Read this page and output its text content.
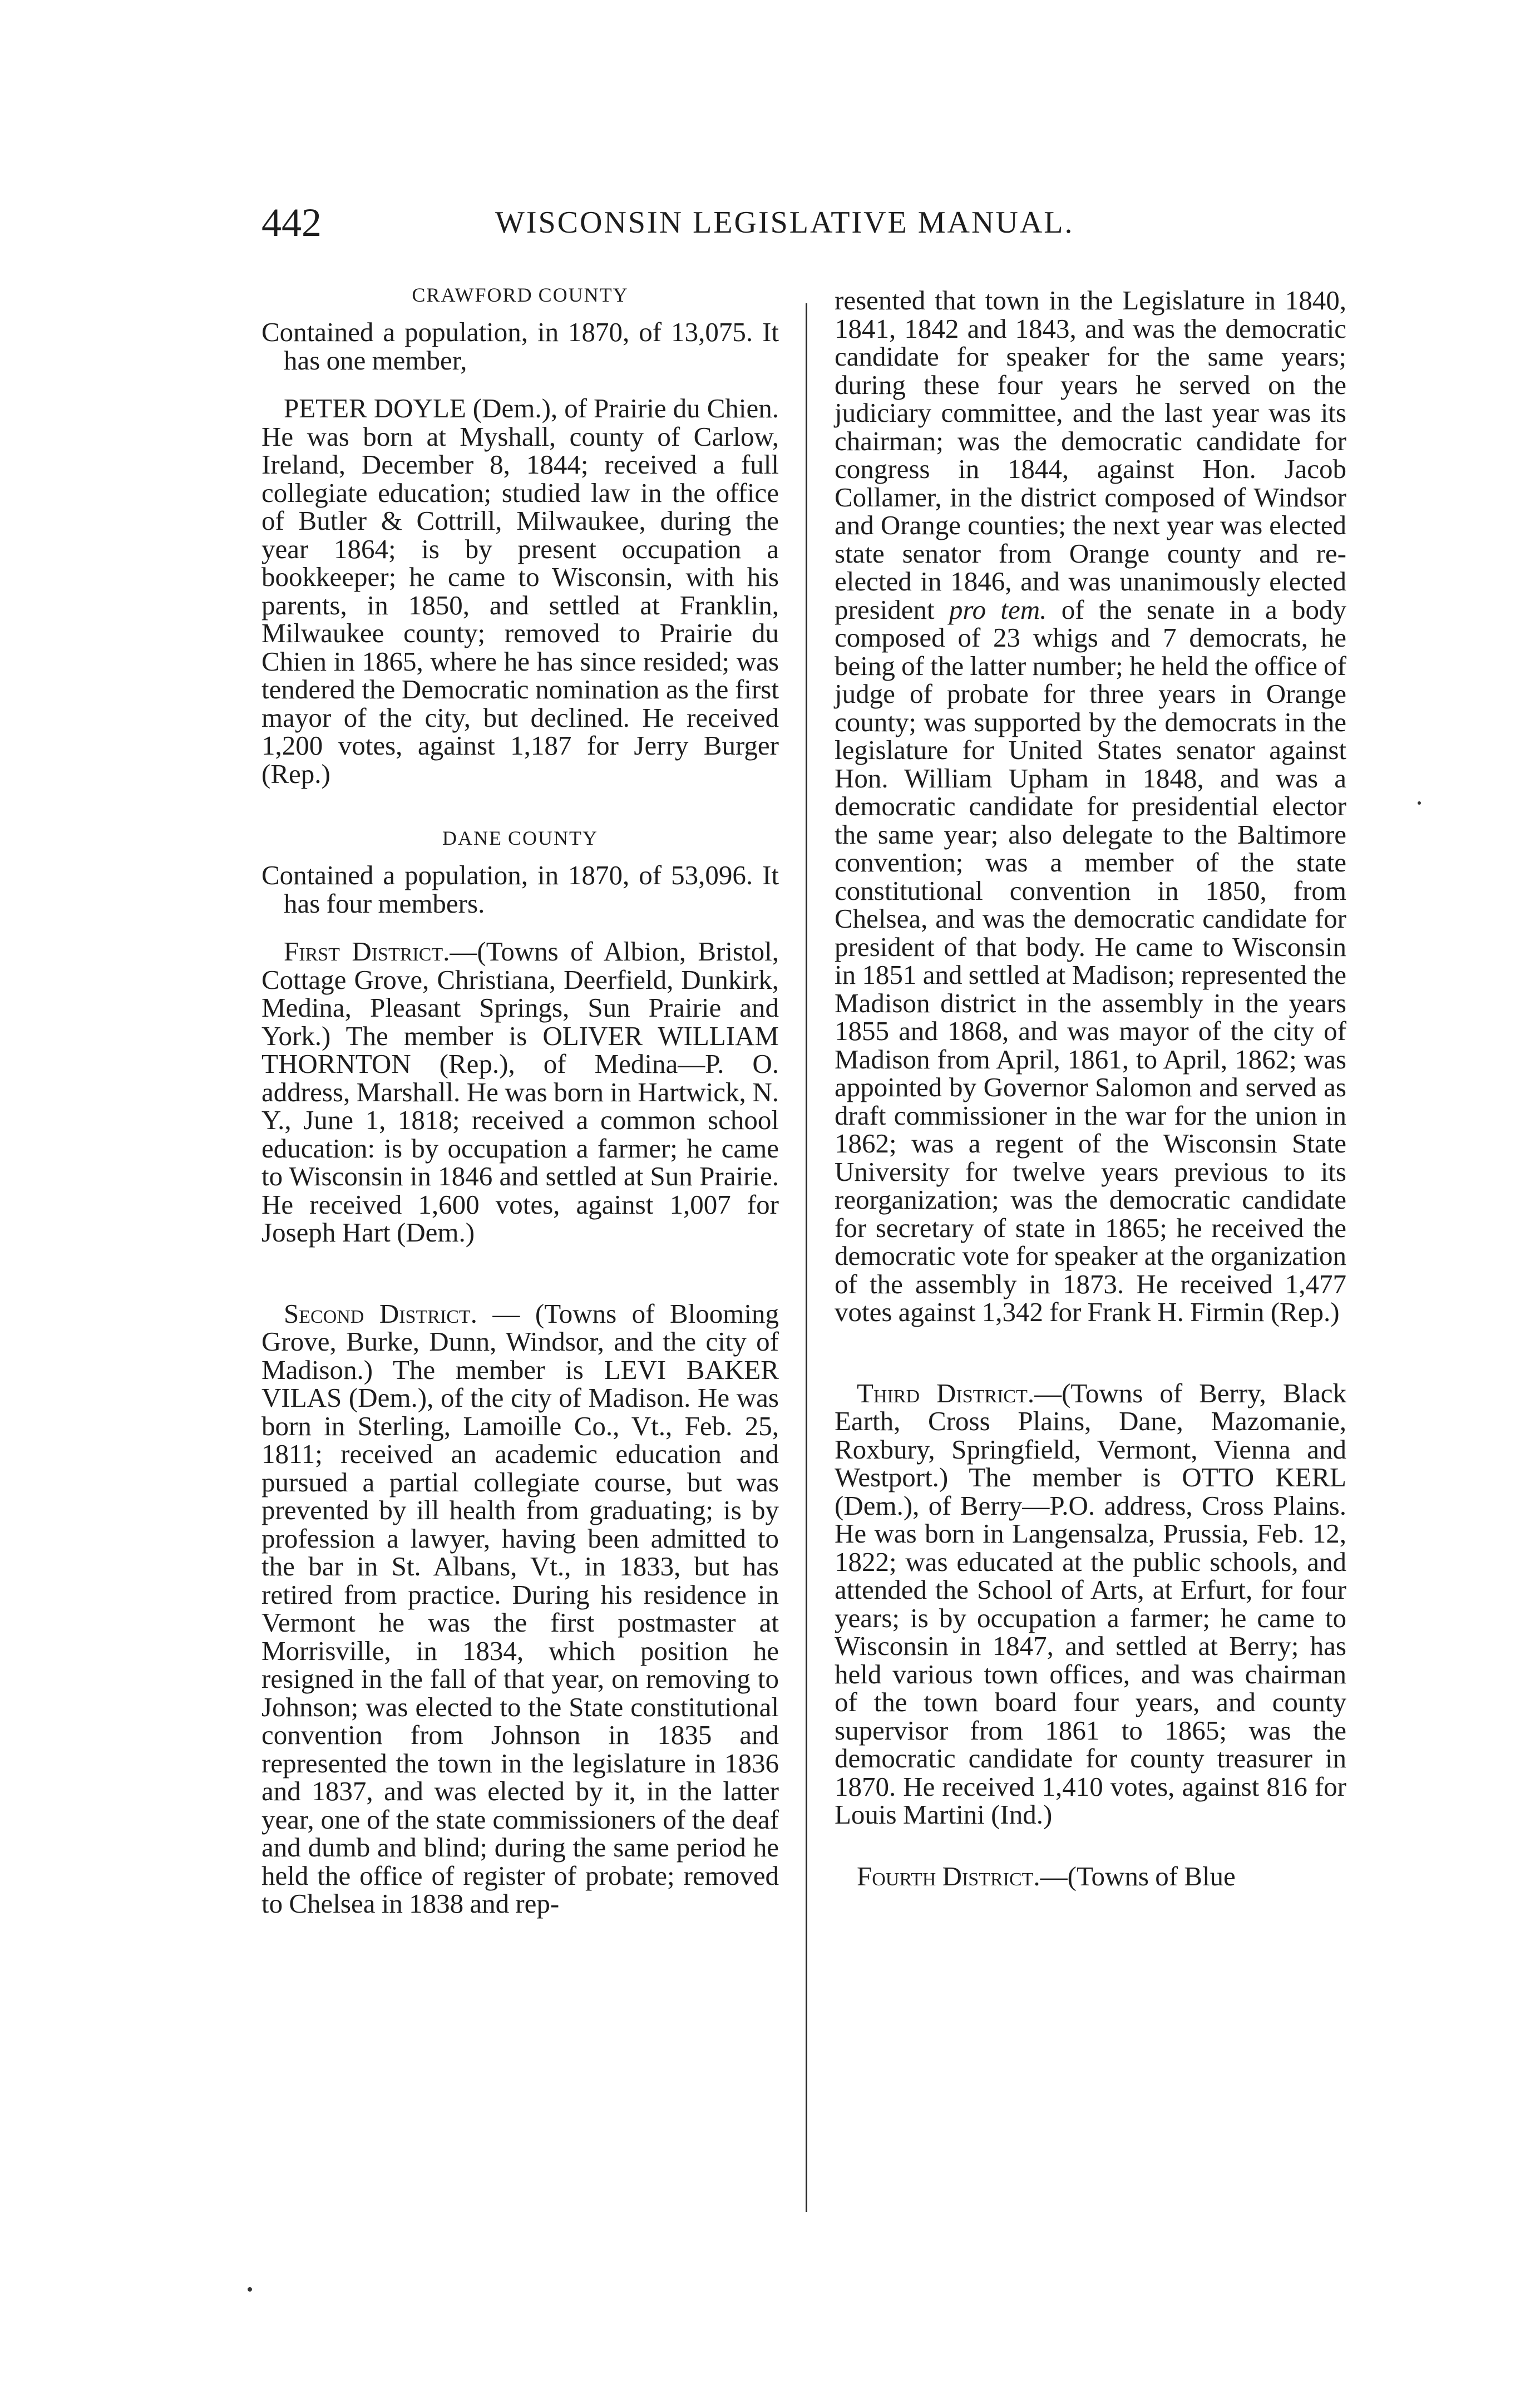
442	WISCONSIN LEGISLATIVE MANUAL.
CRAWFORD COUNTY

Contained a population, in 1870, of 13,075. It has one member,

PETER DOYLE (Dem.), of Prairie du Chien. He was born at Myshall, county of Carlow, Ireland, December 8, 1844; received a full collegiate education; studied law in the office of Butler & Cottrill, Milwaukee, during the year 1864; is by present occupation a bookkeeper; he came to Wisconsin, with his parents, in 1850, and settled at Franklin, Milwaukee county; removed to Prairie du Chien in 1865, where he has since resided; was tendered the Democratic nomination as the first mayor of the city, but declined. He received 1,200 votes, against 1,187 for Jerry Burger (Rep.)

DANE COUNTY

Contained a population, in 1870, of 53,096. It has four members.

First District.—(Towns of Albion, Bristol, Cottage Grove, Christiana, Deerfield, Dunkirk, Medina, Pleasant Springs, Sun Prairie and York.) The member is OLIVER WILLIAM THORNTON (Rep.), of Medina—P. O. address, Marshall. He was born in Hartwick, N. Y., June 1, 1818; received a common school education: is by occupation a farmer; he came to Wisconsin in 1846 and settled at Sun Prairie. He received 1,600 votes, against 1,007 for Joseph Hart (Dem.)

Second District. — (Towns of Blooming Grove, Burke, Dunn, Windsor, and the city of Madison.) The member is LEVI BAKER VILAS (Dem.), of the city of Madison. He was born in Sterling, Lamoille Co., Vt., Feb. 25, 1811; received an academic education and pursued a partial collegiate course, but was prevented by ill health from graduating; is by profession a lawyer, having been admitted to the bar in St. Albans, Vt., in 1833, but has retired from practice. During his residence in Vermont he was the first postmaster at Morrisville, in 1834, which position he resigned in the fall of that year, on removing to Johnson; was elected to the State constitutional convention from Johnson in 1835 and represented the town in the legislature in 1836 and 1837, and was elected by it, in the latter year, one of the state commissioners of the deaf and dumb and blind; during the same period he held the office of register of probate; removed to Chelsea in 1838 and rep-

resented that town in the Legislature in 1840, 1841, 1842 and 1843, and was the democratic candidate for speaker for the same years; during these four years he served on the judiciary committee, and the last year was its chairman; was the democratic candidate for congress in 1844, against Hon. Jacob Collamer, in the district composed of Windsor and Orange counties; the next year was elected state senator from Orange county and re-elected in 1846, and was unanimously elected president pro tem. of the senate in a body composed of 23 whigs and 7 democrats, he being of the latter number; he held the office of judge of probate for three years in Orange county; was supported by the democrats in the legislature for United States senator against Hon. William Upham in 1848, and was a democratic candidate for presidential elector the same year; also delegate to the Baltimore convention; was a member of the state constitutional convention in 1850, from Chelsea, and was the democratic candidate for president of that body. He came to Wisconsin in 1851 and settled at Madison; represented the Madison district in the assembly in the years 1855 and 1868, and was mayor of the city of Madison from April, 1861, to April, 1862; was appointed by Governor Salomon and served as draft commissioner in the war for the union in 1862; was a regent of the Wisconsin State University for twelve years previous to its reorganization; was the democratic candidate for secretary of state in 1865; he received the democratic vote for speaker at the organization of the assembly in 1873. He received 1,477 votes against 1,342 for Frank H. Firmin (Rep.)

Third District.—(Towns of Berry, Black Earth, Cross Plains, Dane, Mazomanie, Roxbury, Springfield, Vermont, Vienna and Westport.) The member is OTTO KERL (Dem.), of Berry—P.O. address, Cross Plains. He was born in Langensalza, Prussia, Feb. 12, 1822; was educated at the public schools, and attended the School of Arts, at Erfurt, for four years; is by occupation a farmer; he came to Wisconsin in 1847, and settled at Berry; has held various town offices, and was chairman of the town board four years, and county supervisor from 1861 to 1865; was the democratic candidate for county treasurer in 1870. He received 1,410 votes, against 816 for Louis Martini (Ind.)

Fourth District.—(Towns of Blue
